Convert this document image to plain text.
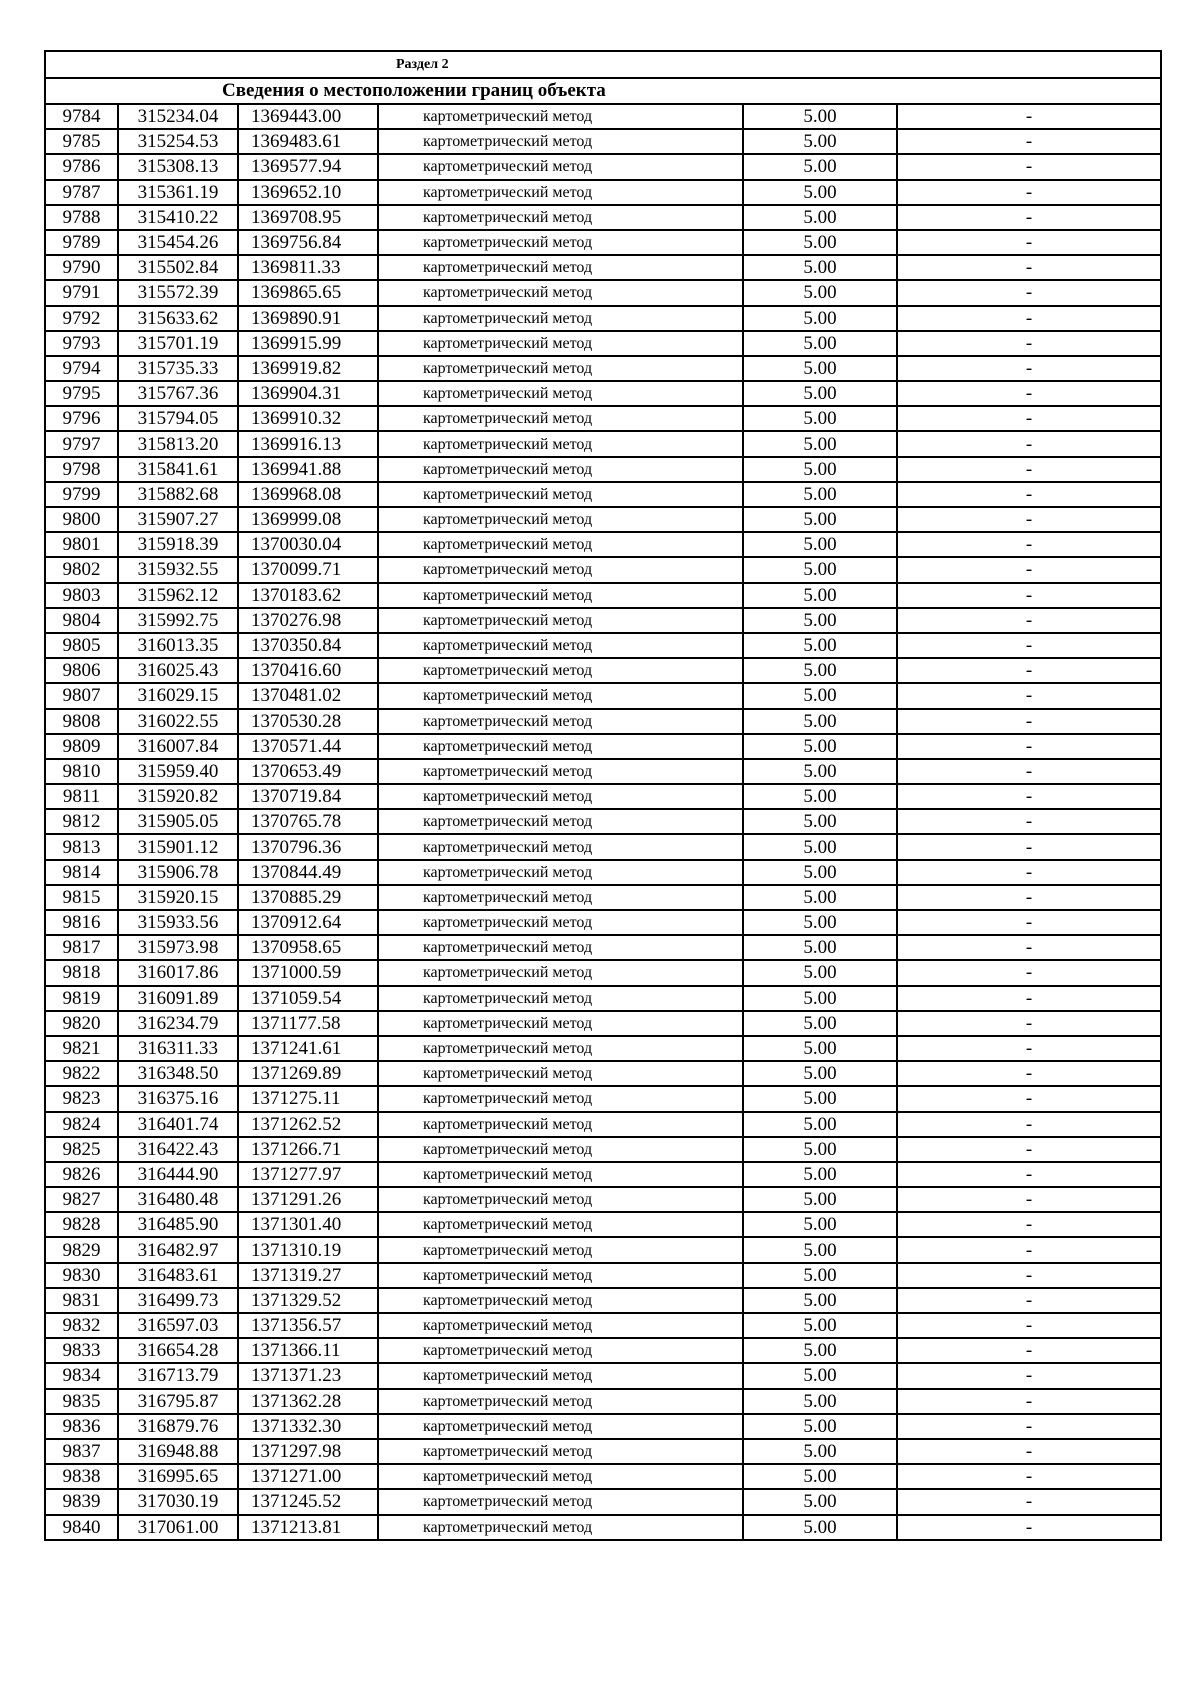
Раздел 2					
Сведения о местоположении границ объекта					
9784	315234.04	1369443.00	картометрический метод	5.00	-
9785	315254.53	1369483.61	картометрический метод	5.00	-
9786	315308.13	1369577.94	картометрический метод	5.00	-
9787	315361.19	1369652.10	картометрический метод	5.00	-
9788	315410.22	1369708.95	картометрический метод	5.00	-
9789	315454.26	1369756.84	картометрический метод	5.00	-
9790	315502.84	1369811.33	картометрический метод	5.00	-
9791	315572.39	1369865.65	картометрический метод	5.00	-
9792	315633.62	1369890.91	картометрический метод	5.00	-
9793	315701.19	1369915.99	картометрический метод	5.00	-
9794	315735.33	1369919.82	картометрический метод	5.00	-
9795	315767.36	1369904.31	картометрический метод	5.00	-
9796	315794.05	1369910.32	картометрический метод	5.00	-
9797	315813.20	1369916.13	картометрический метод	5.00	-
9798	315841.61	1369941.88	картометрический метод	5.00	-
9799	315882.68	1369968.08	картометрический метод	5.00	-
9800	315907.27	1369999.08	картометрический метод	5.00	-
9801	315918.39	1370030.04	картометрический метод	5.00	-
9802	315932.55	1370099.71	картометрический метод	5.00	-
9803	315962.12	1370183.62	картометрический метод	5.00	-
9804	315992.75	1370276.98	картометрический метод	5.00	-
9805	316013.35	1370350.84	картометрический метод	5.00	-
9806	316025.43	1370416.60	картометрический метод	5.00	-
9807	316029.15	1370481.02	картометрический метод	5.00	-
9808	316022.55	1370530.28	картометрический метод	5.00	-
9809	316007.84	1370571.44	картометрический метод	5.00	-
9810	315959.40	1370653.49	картометрический метод	5.00	-
9811	315920.82	1370719.84	картометрический метод	5.00	-
9812	315905.05	1370765.78	картометрический метод	5.00	-
9813	315901.12	1370796.36	картометрический метод	5.00	-
9814	315906.78	1370844.49	картометрический метод	5.00	-
9815	315920.15	1370885.29	картометрический метод	5.00	-
9816	315933.56	1370912.64	картометрический метод	5.00	-
9817	315973.98	1370958.65	картометрический метод	5.00	-
9818	316017.86	1371000.59	картометрический метод	5.00	-
9819	316091.89	1371059.54	картометрический метод	5.00	-
9820	316234.79	1371177.58	картометрический метод	5.00	-
9821	316311.33	1371241.61	картометрический метод	5.00	-
9822	316348.50	1371269.89	картометрический метод	5.00	-
9823	316375.16	1371275.11	картометрический метод	5.00	-
9824	316401.74	1371262.52	картометрический метод	5.00	-
9825	316422.43	1371266.71	картометрический метод	5.00	-
9826	316444.90	1371277.97	картометрический метод	5.00	-
9827	316480.48	1371291.26	картометрический метод	5.00	-
9828	316485.90	1371301.40	картометрический метод	5.00	-
9829	316482.97	1371310.19	картометрический метод	5.00	-
9830	316483.61	1371319.27	картометрический метод	5.00	-
9831	316499.73	1371329.52	картометрический метод	5.00	-
9832	316597.03	1371356.57	картометрический метод	5.00	-
9833	316654.28	1371366.11	картометрический метод	5.00	-
9834	316713.79	1371371.23	картометрический метод	5.00	-
9835	316795.87	1371362.28	картометрический метод	5.00	-
9836	316879.76	1371332.30	картометрический метод	5.00	-
9837	316948.88	1371297.98	картометрический метод	5.00	-
9838	316995.65	1371271.00	картометрический метод	5.00	-
9839	317030.19	1371245.52	картометрический метод	5.00	-
9840	317061.00	1371213.81	картометрический метод	5.00	-
